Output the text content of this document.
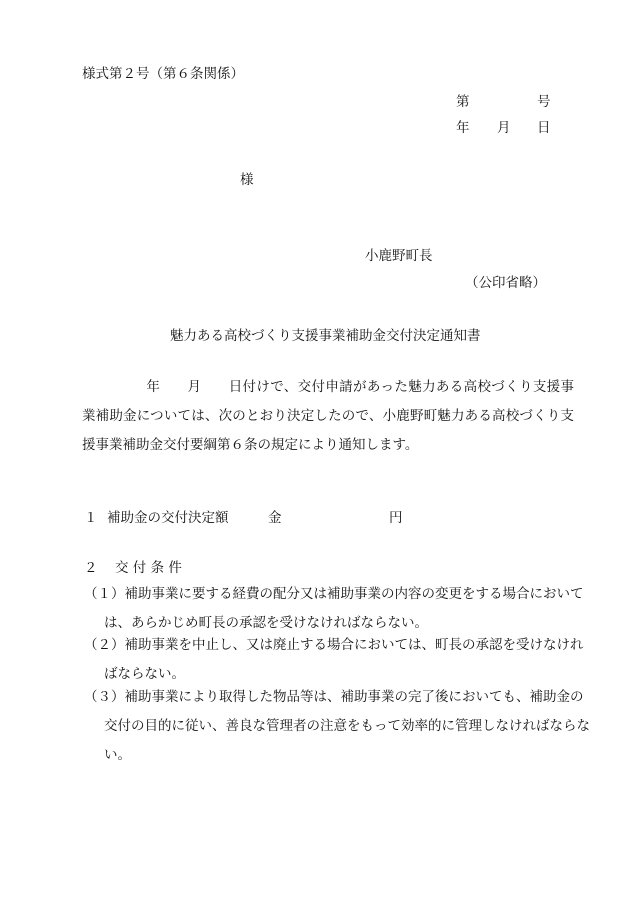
様式第２号（第６条関係）
第	号
年 月 日
様
小鹿野町長
（公印省略）
魅力ある高校づくり支援事業補助金交付決定通知書
年 月 日付けで、交付申請があった魅力ある高校づくり支援事業補助金については、次のとおり決定したので、小鹿野町魅力ある高校づくり支援事業補助金交付要綱第６条の規定により通知します。
１ 補助金の交付決定額	金	円
２ 交 付 条 件
（１）補助事業に要する経費の配分又は補助事業の内容の変更をする場合においては、あらかじめ町長の承認を受けなければならない。
（２）補助事業を中止し、又は廃止する場合においては、町長の承認を受けなければならない。
（３）補助事業により取得した物品等は、補助事業の完了後においても、補助金の交付の目的に従い、善良な管理者の注意をもって効率的に管理しなければならない。
